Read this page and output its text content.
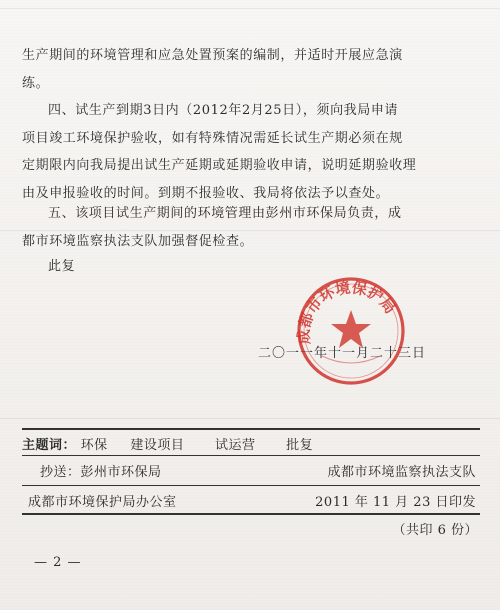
生产期间的环境管理和应急处置预案的编制，并适时开展应急演
练。
四、试生产到期3日内（2012年2月25日），须向我局申请
项目竣工环境保护验收，如有特殊情况需延长试生产期必须在规
定期限内向我局提出试生产延期或延期验收申请，说明延期验收理
由及申报验收的时间。到期不报验收、我局将依法予以查处。
五、该项目试生产期间的环境管理由彭州市环保局负责，成
都市环境监察执法支队加强督促检查。
此复
成都市环境保护局
二〇一一年十一月二十三日
主题词： 环保 建设项目 试运营 批复
抄送：彭州市环保局	成都市环境监察执法支队
成都市环境保护局办公室	2011 年 11 月 23 日印发
（共印 6 份）
— 2 —
